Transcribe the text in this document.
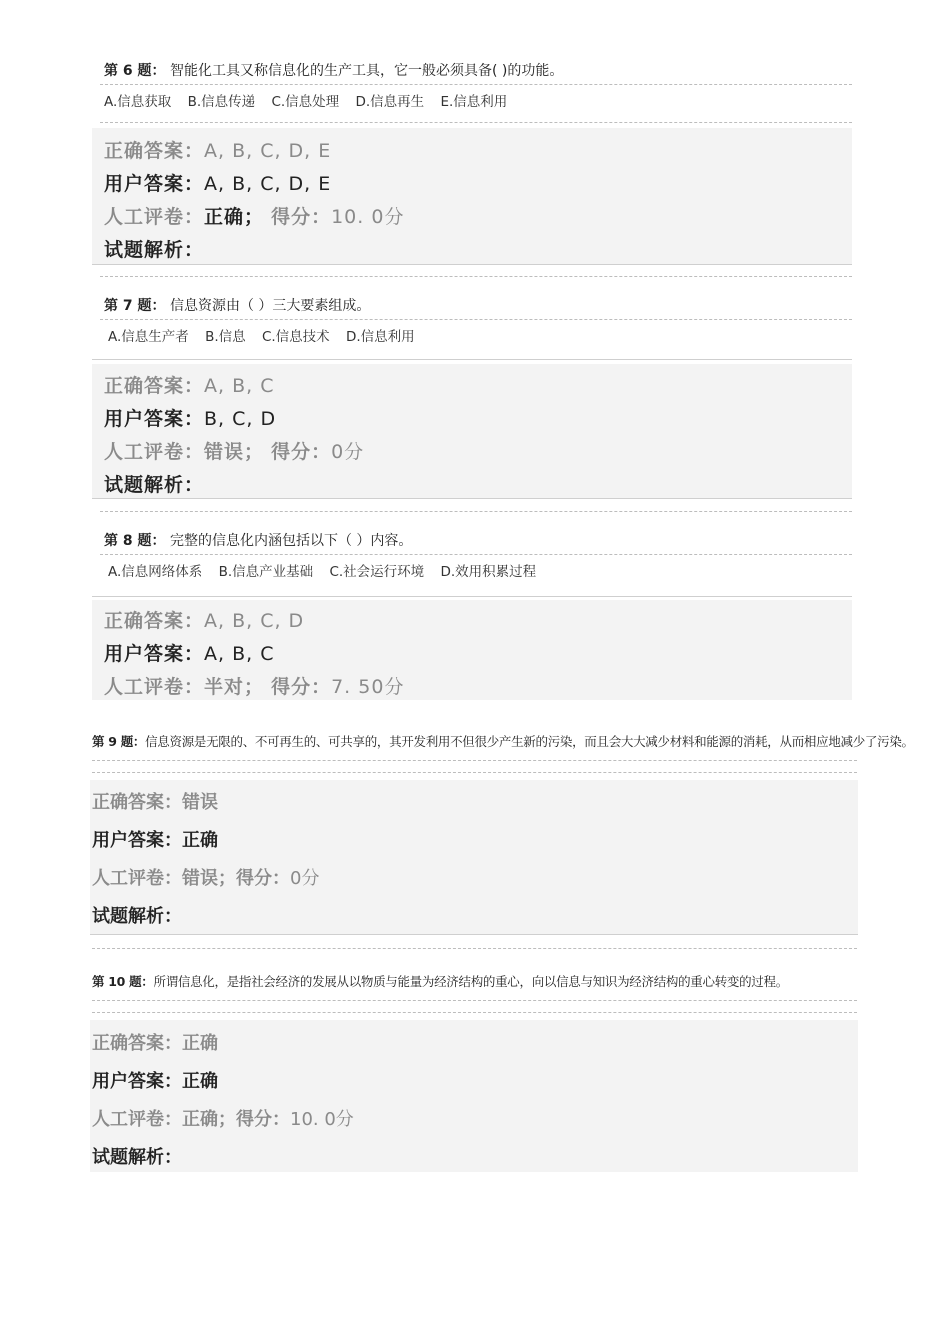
第 6 题： 智能化工具又称信息化的生产工具，它一般必须具备( )的功能。
A.信息获取 B.信息传递 C.信息处理 D.信息再生 E.信息利用
正确答案：A, B, C, D, E
用户答案：A, B, C, D, E
人工评卷：正确； 得分：10. 0分
试题解析：
第 7 题： 信息资源由（ ）三大要素组成。
A.信息生产者 B.信息 C.信息技术 D.信息利用
正确答案：A, B, C
用户答案：B, C, D
人工评卷：错误； 得分：0分
试题解析：
第 8 题： 完整的信息化内涵包括以下（ ）内容。
A.信息网络体系 B.信息产业基础 C.社会运行环境 D.效用积累过程
正确答案：A, B, C, D
用户答案：A, B, C
人工评卷：半对； 得分：7. 50分
第 9 题：信息资源是无限的、不可再生的、可共享的，其开发利用不但很少产生新的污染，而且会大大减少材料和能源的消耗，从而相应地减少了污染。
正确答案：错误
用户答案：正确
人工评卷：错误；得分：0分
试题解析：
第 10 题：所谓信息化，是指社会经济的发展从以物质与能量为经济结构的重心，向以信息与知识为经济结构的重心转变的过程。
正确答案：正确
用户答案：正确
人工评卷：正确；得分：10. 0分
试题解析：
